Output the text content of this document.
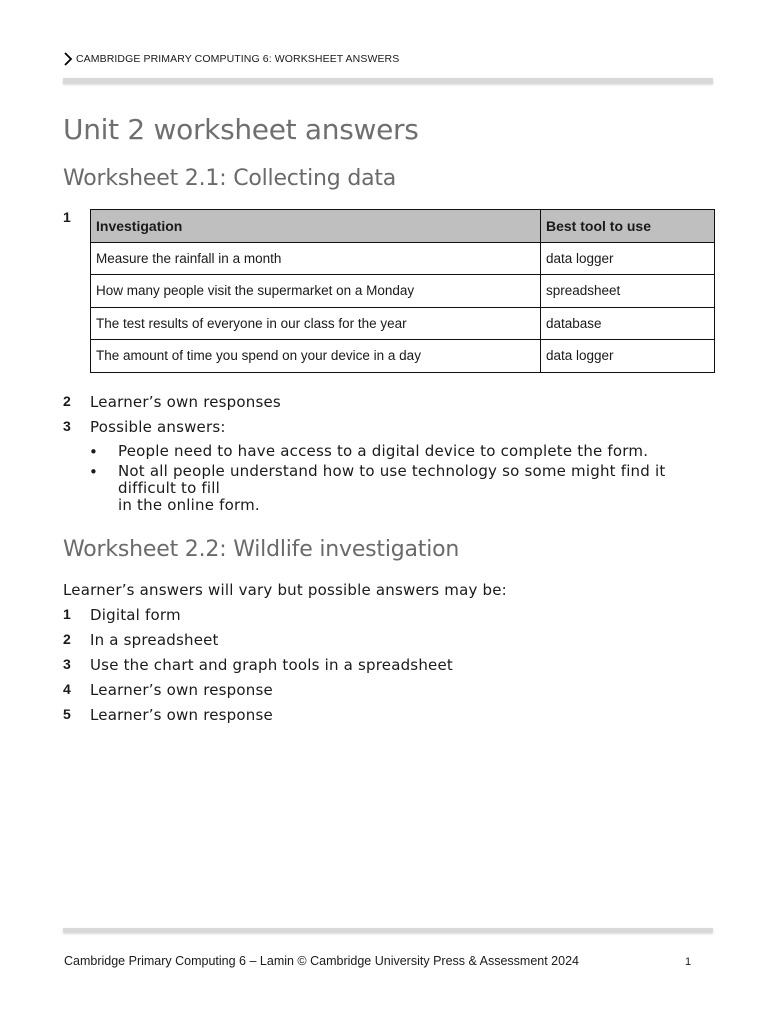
CAMBRIDGE PRIMARY COMPUTING 6: WORKSHEET ANSWERS
Unit 2 worksheet answers
Worksheet 2.1: Collecting data
1
Investigation	Best tool to use
Measure the rainfall in a month	data logger
How many people visit the supermarket on a Monday	spreadsheet
The test results of everyone in our class for the year	database
The amount of time you spend on your device in a day	data logger
2 Learner’s own responses
3 Possible answers:
• People need to have access to a digital device to complete the form.
• Not all people understand how to use technology so some might find it difficult to fill
in the online form.
Worksheet 2.2: Wildlife investigation
Learner’s answers will vary but possible answers may be:
1 Digital form
2 In a spreadsheet
3 Use the chart and graph tools in a spreadsheet
4 Learner’s own response
5 Learner’s own response
Cambridge Primary Computing 6 – Lamin © Cambridge University Press & Assessment 2024	1
